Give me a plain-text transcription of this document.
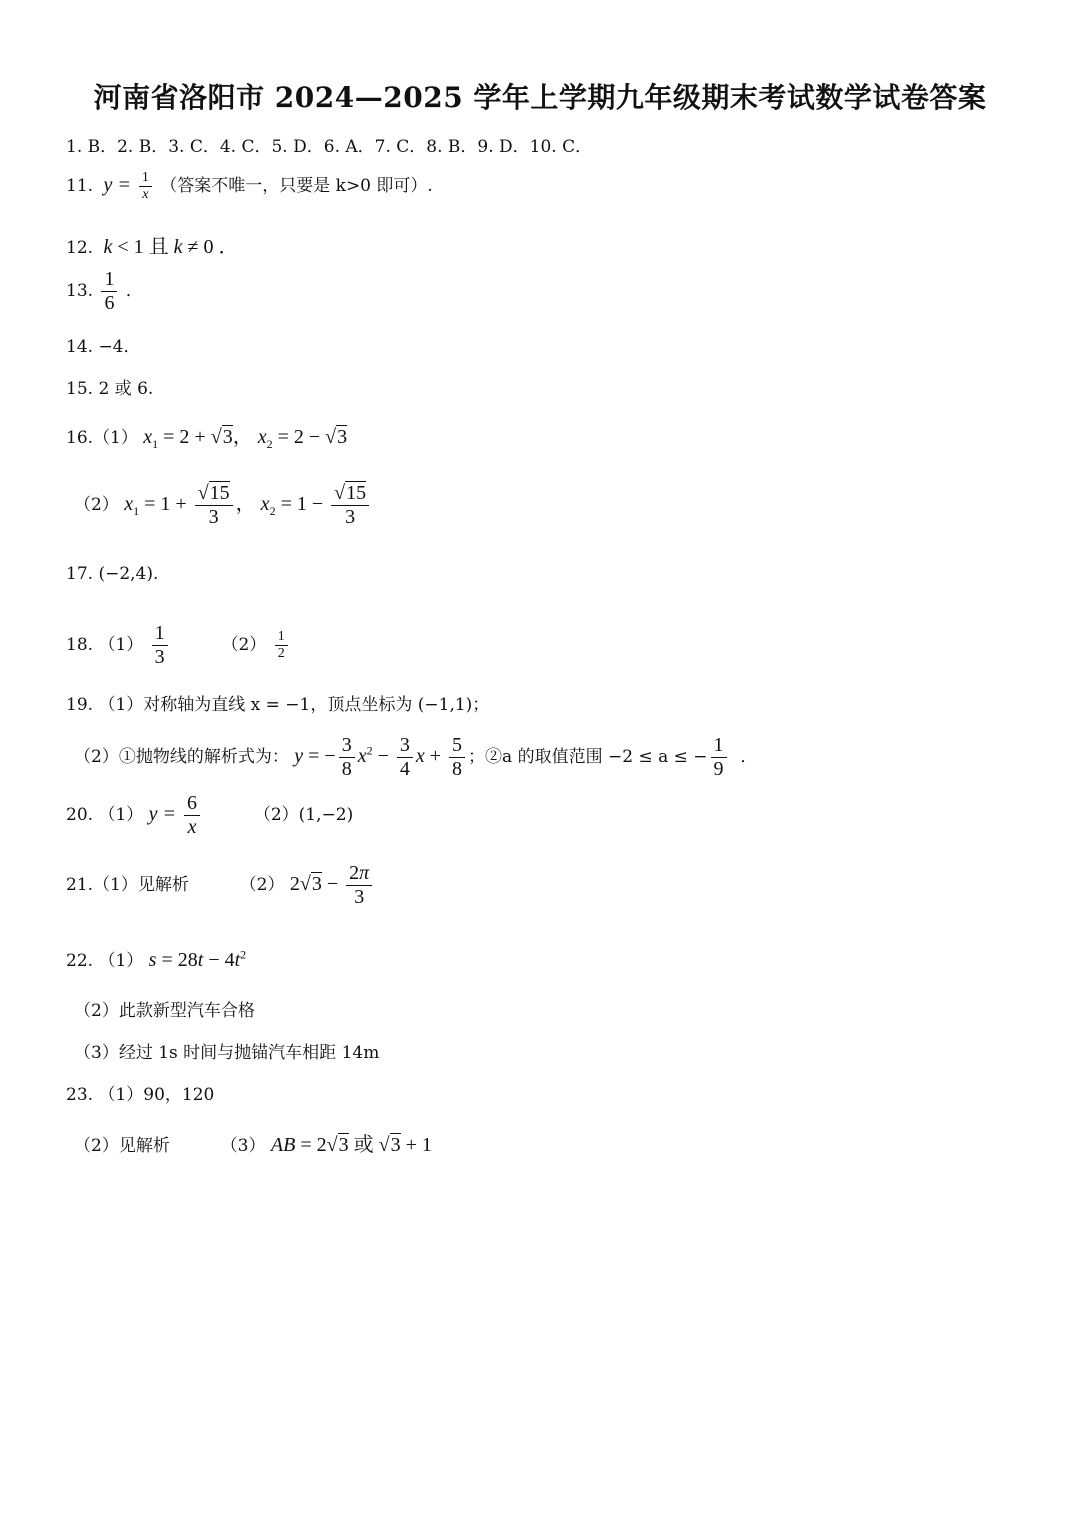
河南省洛阳市 2024—2025 学年上学期九年级期末考试数学试卷答案
1. B．2. B．3. C．4. C．5. D．6. A．7. C．8. B．9. D．10. C．
11.  $y = \frac{1}{x}$ （答案不唯一，只要是 k>0 即可）.
12. k < 1 且 k ≠ 0 ．
13. $\frac{1}{6}$ ．
14. −4．
15. 2 或 6.
16.（1） $x_1 = 2 + √3$， $x_2 = 2 - √3$
（2） $x_1 = 1 + \frac{√15}{3}$ ， $x_2 = 1 - \frac{√15}{3}$
17. (−2,4).
18. $(1) \frac{1}{3}$	$(2) \frac{1}{2}$
19. （1）对称轴为直线 x = −1，顶点坐标为 (−1,1)；
（2）①抛物线的解析式为： y = − $\frac{3}{8} x^2 - \frac{3}{4}$ $x + \frac{5}{8}$ ；②a 的取值范围 −2 ≤ a ≤ − $\frac{1}{9}$ ．
20. （1） $y = \frac{6}{x}$	（2）(1,−2)
21.（1）见解析	（2） $2√3 - \frac{2\pi}{3}$
22. （1） $s = 28t - 4t^2$
（2）此款新型汽车合格
（3）经过 1s 时间与抛锚汽车相距 14m
23. （1）90，120
（2）见解析	（3） AB = 2√3 或 √3 + 1
